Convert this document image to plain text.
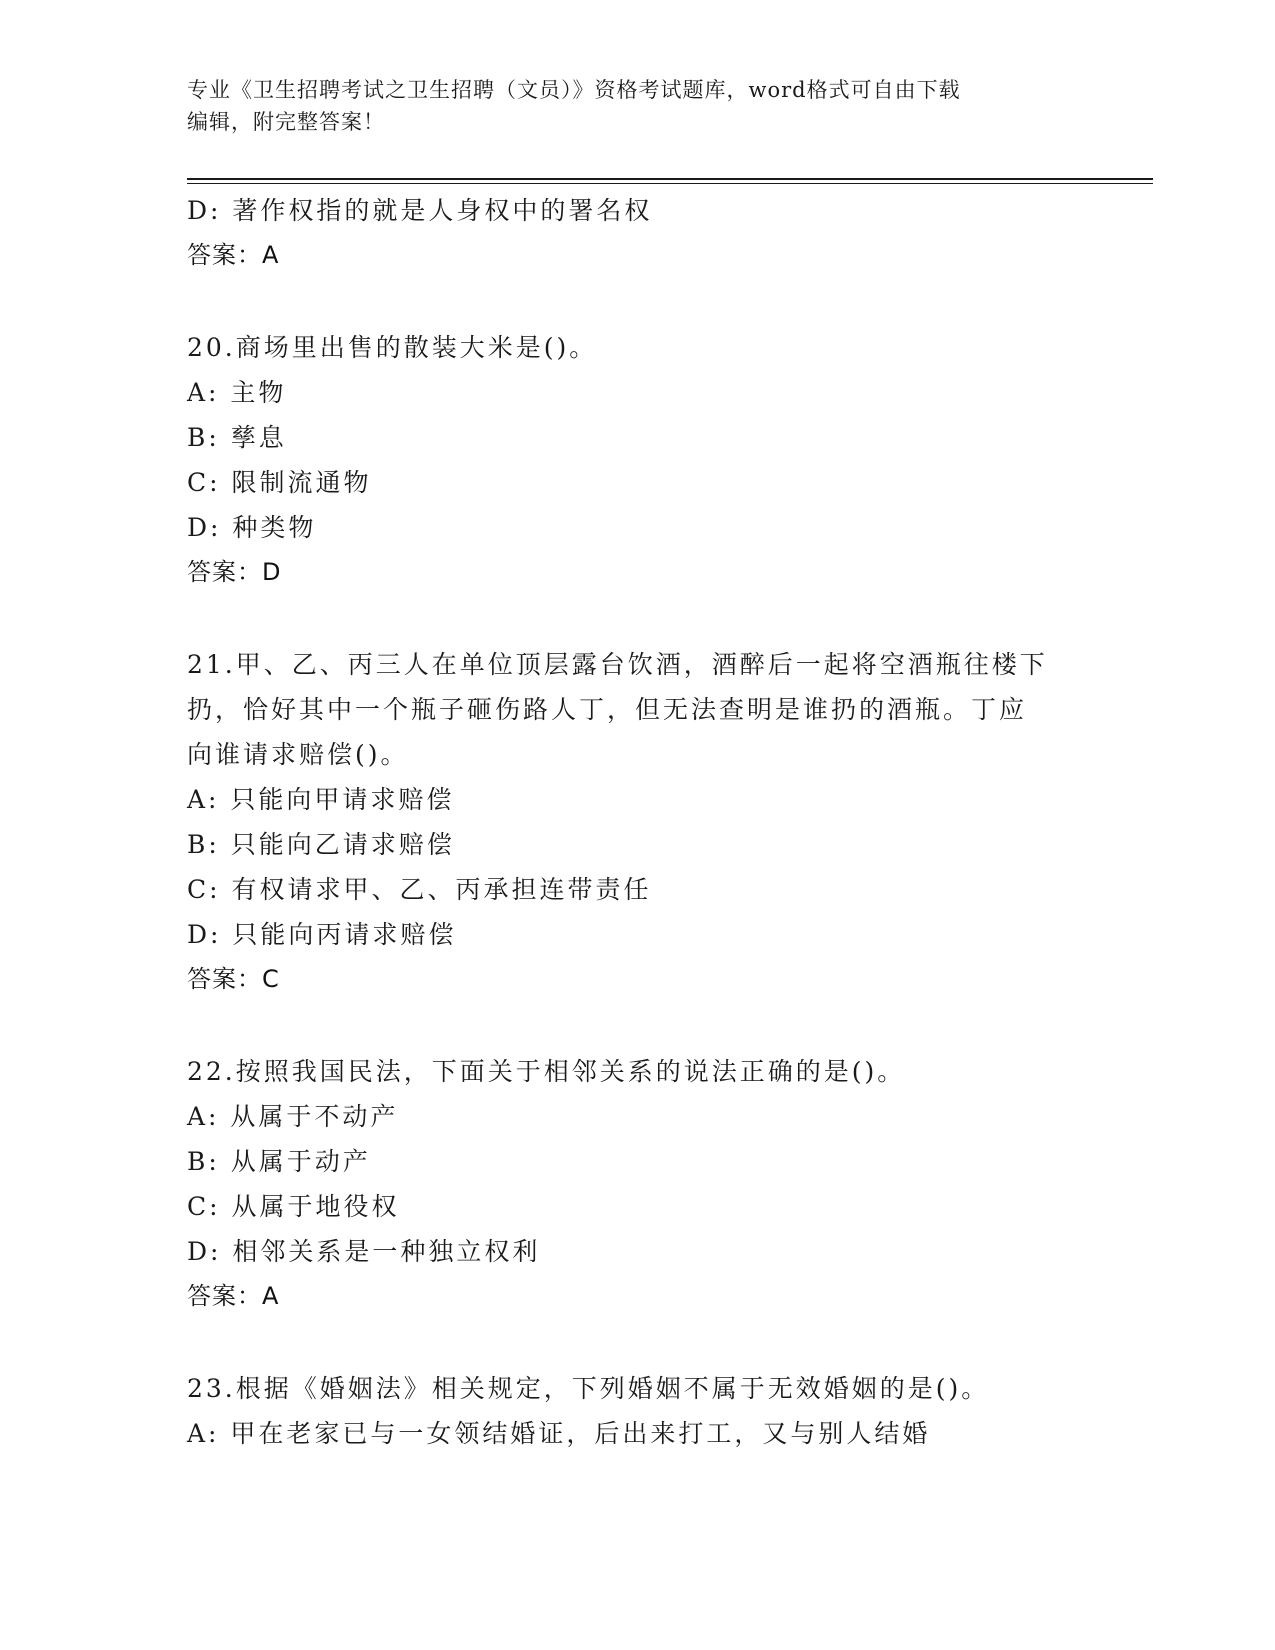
专业《卫生招聘考试之卫生招聘（文员）》资格考试题库，word格式可自由下载
编辑，附完整答案！
D: 著作权指的就是人身权中的署名权
答案：A
20.商场里出售的散装大米是()。
A: 主物
B: 孳息
C: 限制流通物
D: 种类物
答案：D
21.甲、乙、丙三人在单位顶层露台饮酒，酒醉后一起将空酒瓶往楼下
扔，恰好其中一个瓶子砸伤路人丁，但无法查明是谁扔的酒瓶。丁应
向谁请求赔偿()。
A: 只能向甲请求赔偿
B: 只能向乙请求赔偿
C: 有权请求甲、乙、丙承担连带责任
D: 只能向丙请求赔偿
答案：C
22.按照我国民法，下面关于相邻关系的说法正确的是()。
A: 从属于不动产
B: 从属于动产
C: 从属于地役权
D: 相邻关系是一种独立权利
答案：A
23.根据《婚姻法》相关规定，下列婚姻不属于无效婚姻的是()。
A: 甲在老家已与一女领结婚证，后出来打工，又与别人结婚
